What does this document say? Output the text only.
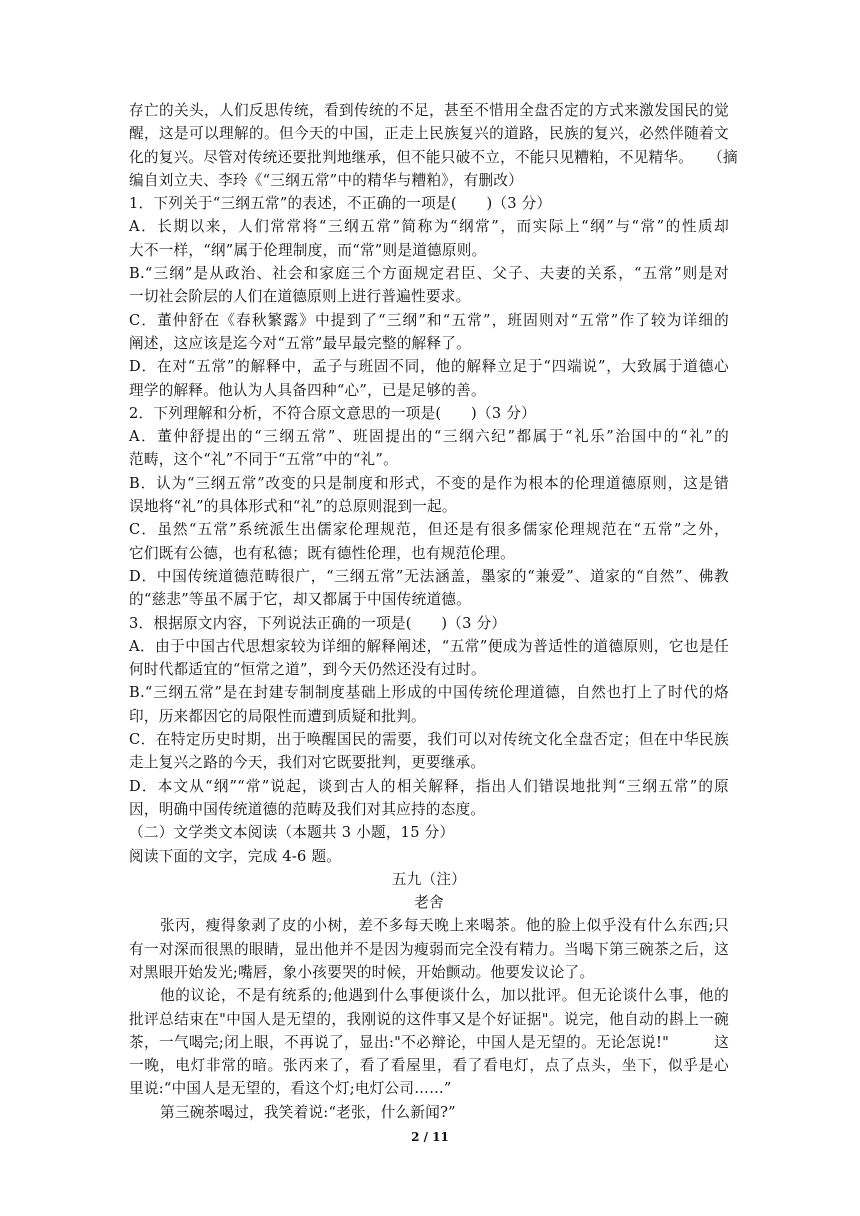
存亡的关头，人们反思传统，看到传统的不足，甚至不惜用全盘否定的方式来激发国民的觉
醒，这是可以理解的。但今天的中国，正走上民族复兴的道路，民族的复兴，必然伴随着文
化的复兴。尽管对传统还要批判地继承，但不能只破不立，不能只见糟粕，不见精华。　　（摘
编自刘立夫、李玲《“三纲五常”中的精华与糟粕》，有删改）
1．下列关于“三纲五常”的表述，不正确的一项是(　　)（3 分）
A．长期以来，人们常常将“三纲五常”简称为“纲常”，而实际上“纲”与“常”的性质却
大不一样，“纲”属于伦理制度，而“常”则是道德原则。
B.“三纲”是从政治、社会和家庭三个方面规定君臣、父子、夫妻的关系，“五常”则是对
一切社会阶层的人们在道德原则上进行普遍性要求。
C．董仲舒在《春秋繁露》中提到了“三纲”和“五常”，班固则对“五常”作了较为详细的
阐述，这应该是迄今对“五常”最早最完整的解释了。
D．在对“五常”的解释中，孟子与班固不同，他的解释立足于“四端说”，大致属于道德心
理学的解释。他认为人具备四种“心”，已是足够的善。
2．下列理解和分析，不符合原文意思的一项是(　　)（3 分）
A．董仲舒提出的“三纲五常”、班固提出的“三纲六纪”都属于“礼乐”治国中的“礼”的
范畴，这个“礼”不同于“五常”中的“礼”。
B．认为“三纲五常”改变的只是制度和形式，不变的是作为根本的伦理道德原则，这是错
误地将“礼”的具体形式和“礼”的总原则混到一起。
C．虽然“五常”系统派生出儒家伦理规范，但还是有很多儒家伦理规范在“五常”之外，
它们既有公德，也有私德；既有德性伦理，也有规范伦理。
D．中国传统道德范畴很广，“三纲五常”无法涵盖，墨家的“兼爱”、道家的“自然”、佛教
的“慈悲”等虽不属于它，却又都属于中国传统道德。
3．根据原文内容，下列说法正确的一项是(　　)（3 分）
A．由于中国古代思想家较为详细的解释阐述，“五常”便成为普适性的道德原则，它也是任
何时代都适宜的“恒常之道”，到今天仍然还没有过时。
B.“三纲五常”是在封建专制制度基础上形成的中国传统伦理道德，自然也打上了时代的烙
印，历来都因它的局限性而遭到质疑和批判。
C．在特定历史时期，出于唤醒国民的需要，我们可以对传统文化全盘否定；但在中华民族
走上复兴之路的今天，我们对它既要批判，更要继承。
D．本文从“纲”“常”说起，谈到古人的相关解释，指出人们错误地批判“三纲五常”的原
因，明确中国传统道德的范畴及我们对其应持的态度。
（二）文学类文本阅读（本题共 3 小题，15 分）
阅读下面的文字，完成 4-6 题。
五九（注）
老舍
张丙，瘦得象剥了皮的小树，差不多每天晚上来喝茶。他的脸上似乎没有什么东西;只
有一对深而很黑的眼睛，显出他并不是因为瘦弱而完全没有精力。当喝下第三碗茶之后，这
对黑眼开始发光;嘴唇，象小孩要哭的时候，开始颤动。他要发议论了。
他的议论，不是有统系的;他遇到什么事便谈什么，加以批评。但无论谈什么事，他的
批评总结束在"中国人是无望的，我刚说的这件事又是个好证据"。说完，他自动的斟上一碗
茶，一气喝完;闭上眼，不再说了，显出:"不必辩论，中国人是无望的。无论怎说!"　　　这
一晚，电灯非常的暗。张丙来了，看了看屋里，看了看电灯，点了点头，坐下，似乎是心
里说:“中国人是无望的，看这个灯;电灯公司……”
第三碗茶喝过，我笑着说:“老张，什么新闻?”
2 / 11
